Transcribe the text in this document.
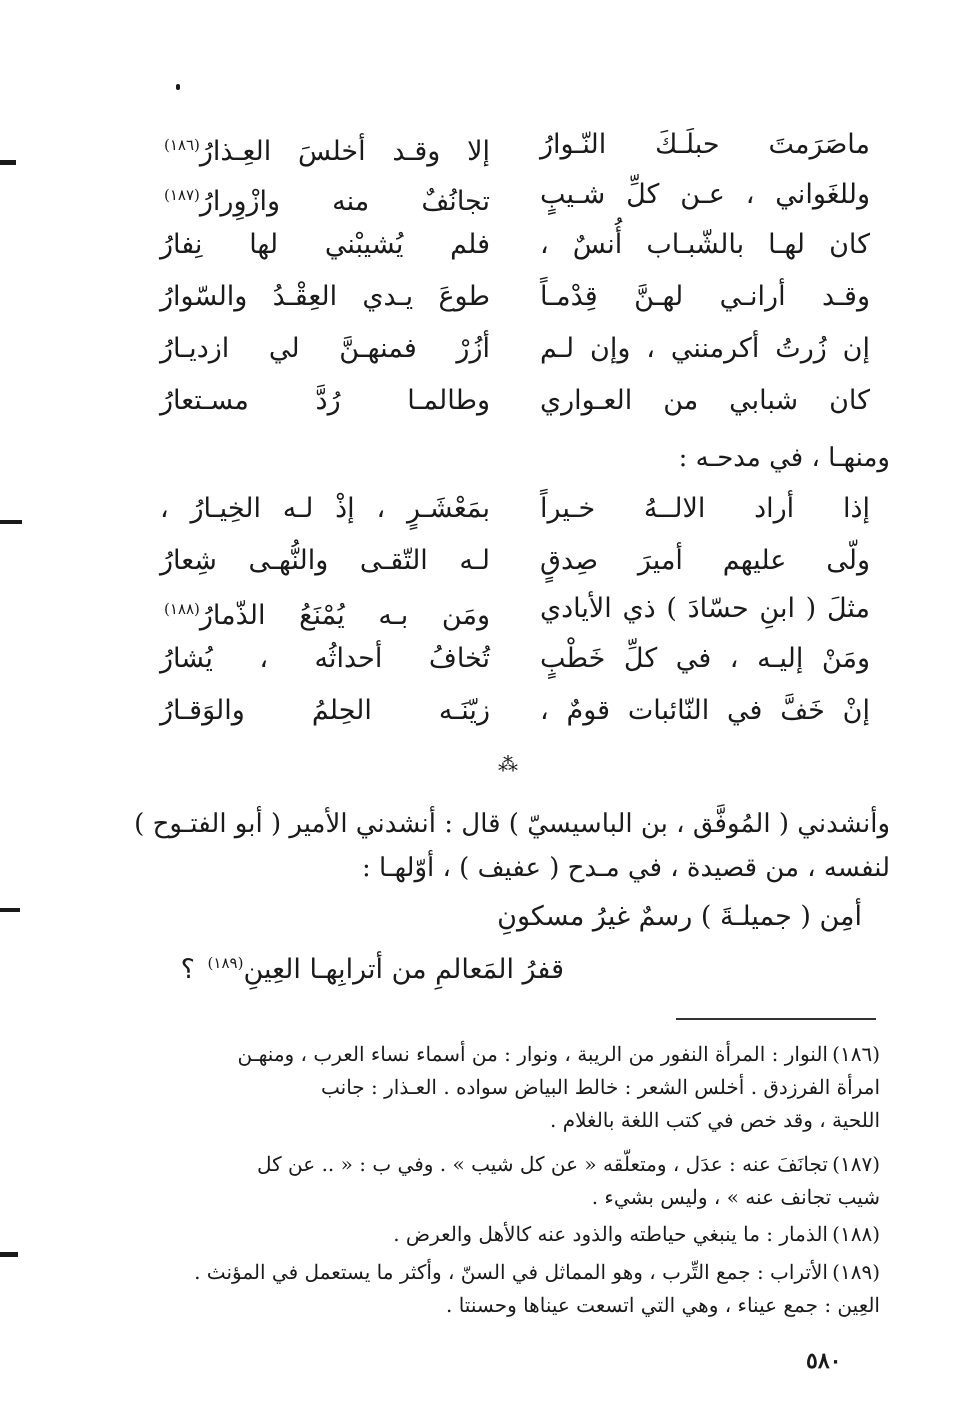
ماصَرَمتَ حبلَـكَ النّـوارُ
إلا وقـد أخلسَ العِـذارُ$^{(١٨٦)}$
وللغَواني ، عـن كلِّ شـيبٍ
تجانُفٌ منه وازْوِرارُ$^{(١٨٧)}$
كان لهـا بالشّبـاب أُنسٌ ،
فلم يُشيبْني لها نِفارُ
وقـد أرانـي لهـنَّ قِدْمـاً
طوعَ يـدي العِقْـدُ والسّوارُ
إن زُرتُ أكرمنني ، وإن لـم
أزُرْ فمنهـنَّ لي ازديـارُ
كان شبابي من العـواري
وطالمـا رُدَّ مسـتعارُ
ومنهـا ، في مدحـه :
إذا أراد الالــهُ خـيراً
بمَعْشَـرٍ ، إذْ لـه الخِيـارُ ،
ولّى عليهم أميرَ صِدقٍ
لـه التّقـى والنُّهـى شِعارُ
مثلَ ( ابنِ حسّادَ ) ذي الأيادي
ومَن بـه يُمْنَعُ الذّمارُ$^{(١٨٨)}$
ومَنْ إليـه ، في كلِّ خَطْبٍ
تُخافُ أحداثُه ، يُشارُ
إنْ خَفَّ في النّائبات قومٌ ،
زيّنَـه الحِلمُ والوَقـارُ
⁂
وأنشدني ( المُوفَّق ، بن الباسيسيّ ) قال : أنشدني الأمير ( أبو الفتـوح )
لنفسه ، من قصيدة ، في مـدح ( عفيف ) ، أوّلهـا :
أمِن ( جميلـةَ ) رسمٌ غيرُ مسكونِ
قفرُ المَعالمِ من أترابِهـا العِينِ$^{(١٨٩)}$ ؟
(١٨٦)النوار : المرأة النفور من الريبة ، ونوار : من أسماء نساء العرب ، ومنهـن
امرأة الفرزدق . أخلس الشعر : خالط البياض سواده . العـذار : جانب
اللحية ، وقد خص في كتب اللغة بالغلام .
(١٨٧)تجانَفَ عنه : عدَل ، ومتعلّقه « عن كل شيب » . وفي ب : « .. عن كل
شيب تجانف عنه » ، وليس بشيء .
(١٨٨)الذمار : ما ينبغي حياطته والذود عنه كالأهل والعرض .
(١٨٩)الأتراب : جمع التِّرب ، وهو المماثل في السنّ ، وأكثر ما يستعمل في المؤنث .
العِين : جمع عيناء ، وهي التي اتسعت عيناها وحسنتا .
٥٨٠
